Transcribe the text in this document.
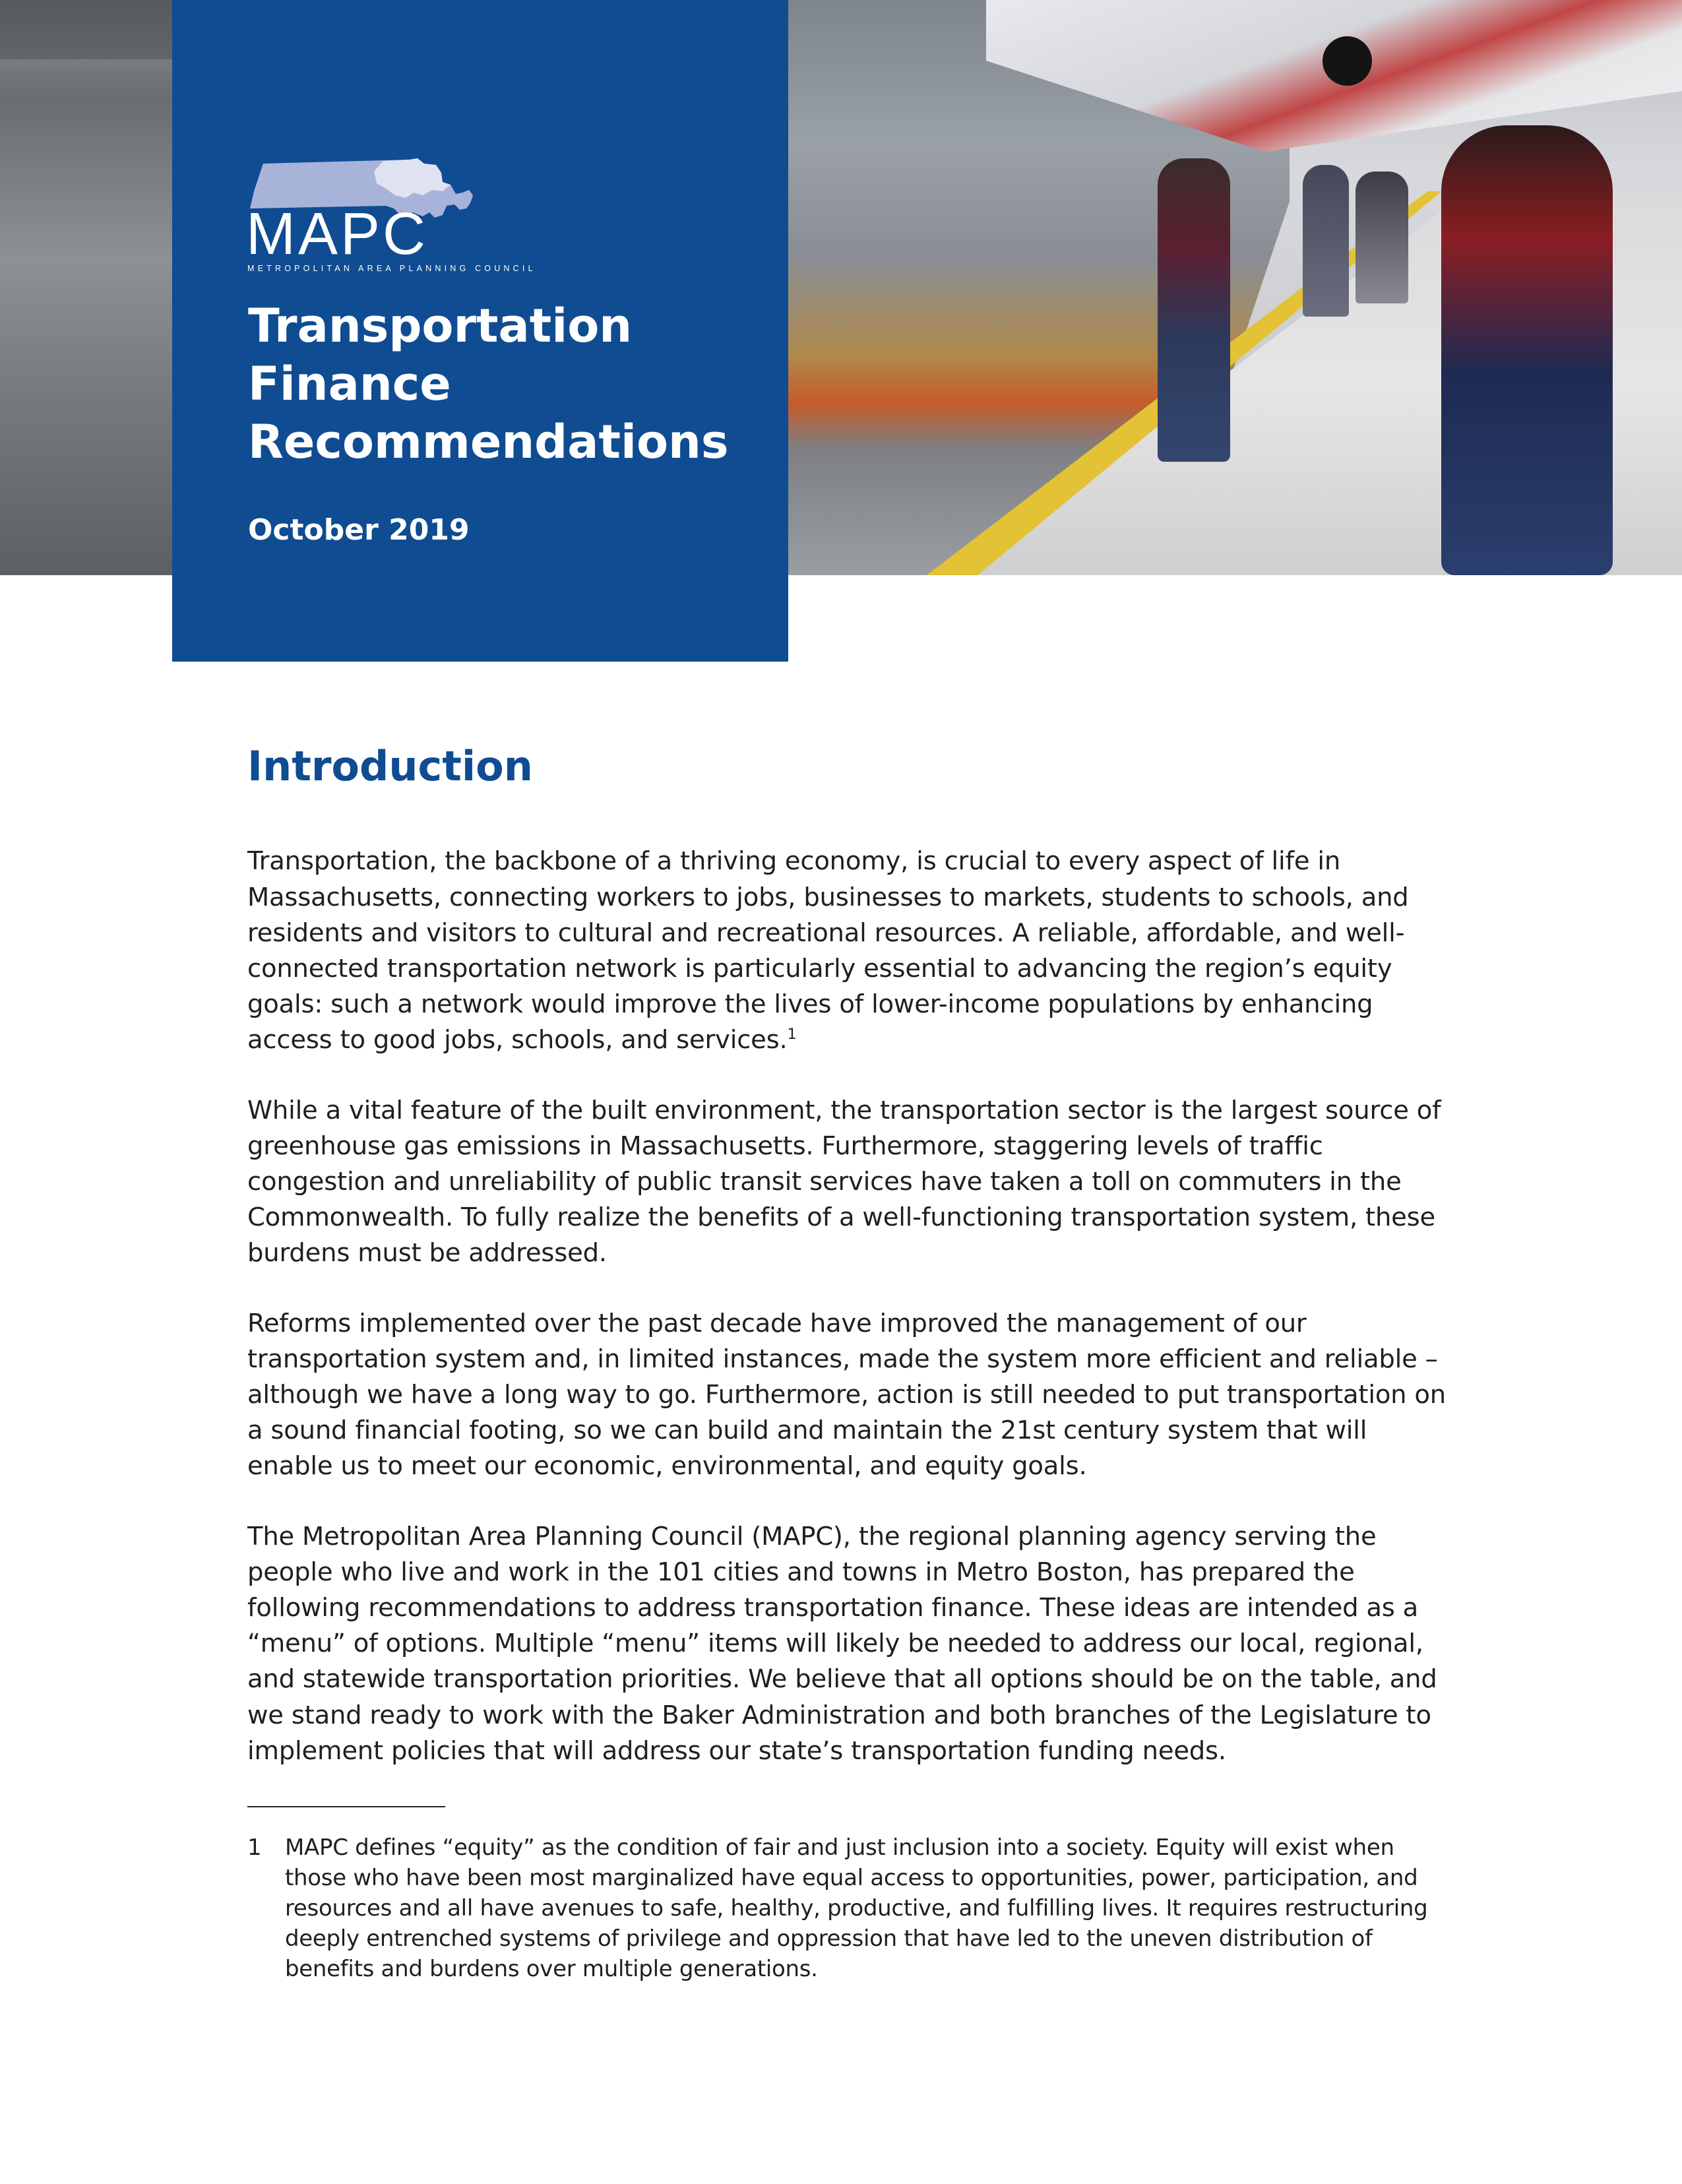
MAPC
METROPOLITAN AREA PLANNING COUNCIL
Transportation
Finance
Recommendations
October 2019
Introduction

Transportation, the backbone of a thriving economy, is crucial to every aspect of life in Massachusetts, connecting workers to jobs, businesses to markets, students to schools, and residents and visitors to cultural and recreational resources. A reliable, affordable, and well-connected transportation network is particularly essential to advancing the region’s equity goals: such a network would improve the lives of lower-income populations by enhancing access to good jobs, schools, and services.$^1$

While a vital feature of the built environment, the transportation sector is the largest source of greenhouse gas emissions in Massachusetts. Furthermore, staggering levels of traffic congestion and unreliability of public transit services have taken a toll on commuters in the Commonwealth. To fully realize the benefits of a well-functioning transportation system, these burdens must be addressed.

Reforms implemented over the past decade have improved the management of our transportation system and, in limited instances, made the system more efficient and reliable – although we have a long way to go. Furthermore, action is still needed to put transportation on a sound financial footing, so we can build and maintain the 21st century system that will enable us to meet our economic, environmental, and equity goals.

The Metropolitan Area Planning Council (MAPC), the regional planning agency serving the people who live and work in the 101 cities and towns in Metro Boston, has prepared the following recommendations to address transportation finance. These ideas are intended as a “menu” of options. Multiple “menu” items will likely be needed to address our local, regional, and statewide transportation priorities. We believe that all options should be on the table, and we stand ready to work with the Baker Administration and both branches of the Legislature to implement policies that will address our state’s transportation funding needs.

1 MAPC defines “equity” as the condition of fair and just inclusion into a society. Equity will exist when those who have been most marginalized have equal access to opportunities, power, participation, and resources and all have avenues to safe, healthy, productive, and fulfilling lives. It requires restructuring deeply entrenched systems of privilege and oppression that have led to the uneven distribution of benefits and burdens over multiple generations.
